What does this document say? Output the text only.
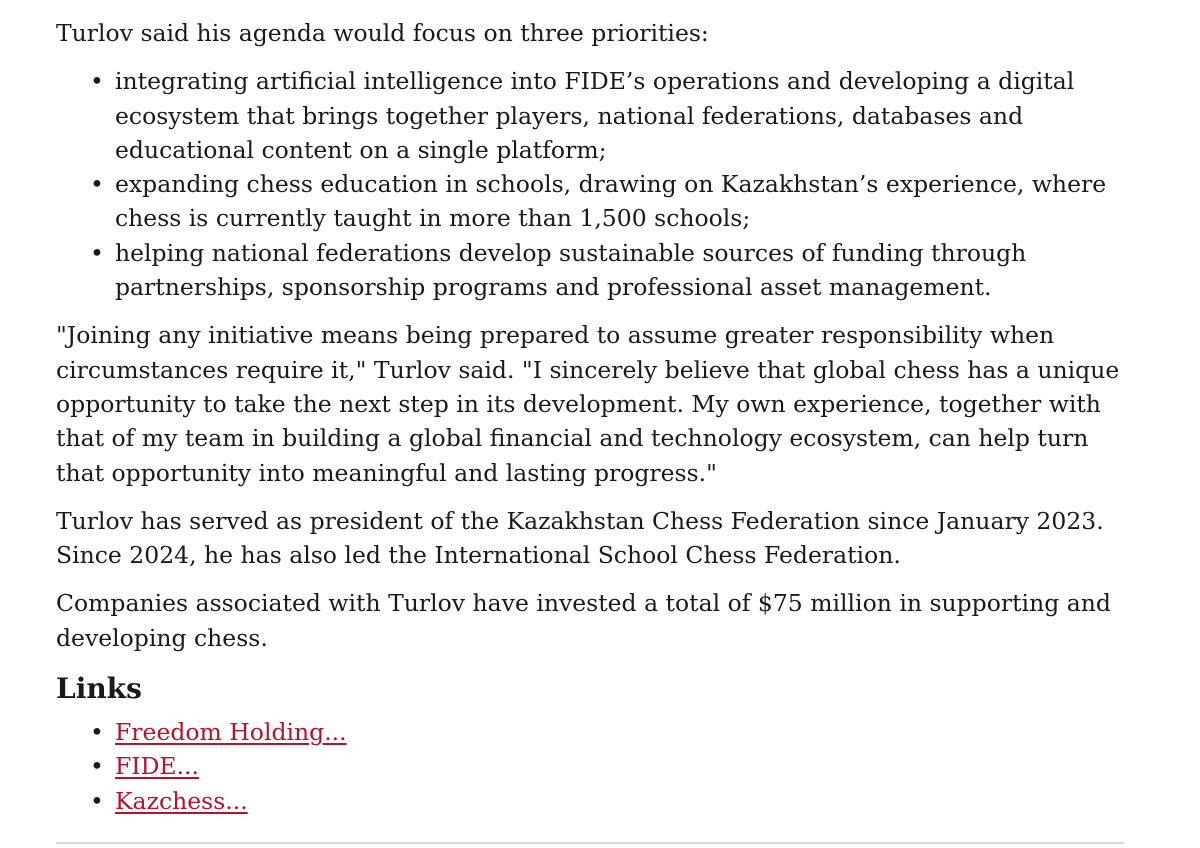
Turlov said his agenda would focus on three priorities:

• integrating artificial intelligence into FIDE’s operations and developing a digital ecosystem that brings together players, national federations, databases and educational content on a single platform;
• expanding chess education in schools, drawing on Kazakhstan’s experience, where chess is currently taught in more than 1,500 schools;
• helping national federations develop sustainable sources of funding through partnerships, sponsorship programs and professional asset management.

"Joining any initiative means being prepared to assume greater responsibility when circumstances require it," Turlov said. "I sincerely believe that global chess has a unique opportunity to take the next step in its development. My own experience, together with that of my team in building a global financial and technology ecosystem, can help turn that opportunity into meaningful and lasting progress."

Turlov has served as president of the Kazakhstan Chess Federation since January 2023. Since 2024, he has also led the International School Chess Federation.

Companies associated with Turlov have invested a total of $75 million in supporting and developing chess.

Links
• Freedom Holding...
• FIDE...
• Kazchess...
